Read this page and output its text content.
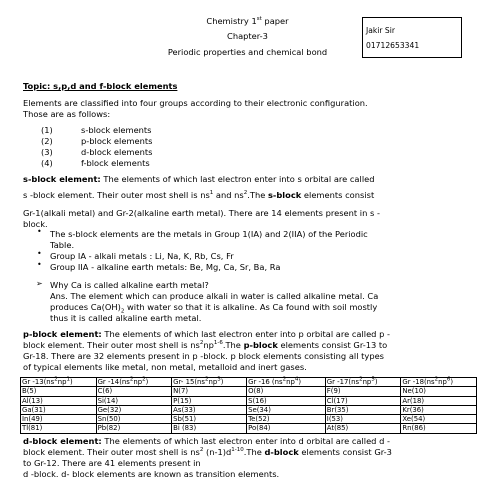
Chemistry 1st paper
Chapter-3
Periodic properties and chemical bond
Jakir Sir
01712653341
Topic: s,p,d and f-block elements
Elements are classified into four groups according to their electronic configuration.
Those are as follows:
(1)	s-block elements
(2)	p-block elements
(3)	d-block elements
(4)	f-block elements
s-block element: The elements of which last electron enter into s orbital are called
s -block element. Their outer most shell is $ns^1$ and $ns^2.The$ s-block elements consist
Gr-1(alkali metal) and Gr-2(alkaline earth metal). There are 14 elements present in s -
block.
• The s-block elements are the metals in Group 1(IA) and 2(IIA) of the Periodic
Table.
• Group IA - alkali metals : Li, Na, K, Rb, Cs, Fr
• Group IIA - alkaline earth metals: Be, Mg, Ca, Sr, Ba, Ra
➢ Why Ca is called alkaline earth metal?
Ans. The element which can produce alkali in water is called alkaline metal. Ca
produces $Ca(OH)_2$ with water so that it is alkaline. As Ca found with soil mostly
thus it is called alkaline earth metal.
p-block element: The elements of which last electron enter into p orbital are called p -
block element. Their outer most shell is $ns^2np^{1-6}.The$ p-block elements consist Gr-13 to
Gr-18. There are 32 elements present in p -block. p block elements consisting all types
of typical elements like metal, non metal, metalloid and inert gases.
Gr $-13(ns^2np^1)$	Gr $-14(ns^2np^2)$	Gr- $15(ns^2np^3)$	Gr -16 $(ns^2np^4)$	Gr $-17(ns^2np^5)$	Gr $-18(ns^2np^6)$
B(5)	C(6)	N(7)	O(8)	F(9)	Ne(10)
Al(13)	Si(14)	P(15)	S(16)	Cl(17)	Ar(18)
Ga(31)	Ge(32)	As(33)	Se(34)	Br(35)	Kr(36)
In(49)	Sn(50)	Sb(51)	Te(52)	I(53)	Xe(54)
Tl(81)	Pb(82)	Bi (83)	Po(84)	At(85)	Rn(86)
d-block element: The elements of which last electron enter into d orbital are called d -
block element. Their outer most shell is $ns^2$ $(n-1)d^{1-10}.The$ d-block elements consist Gr-3
to Gr-12. There are 41 elements present in
d -block. d- block elements are known as transition elements.
